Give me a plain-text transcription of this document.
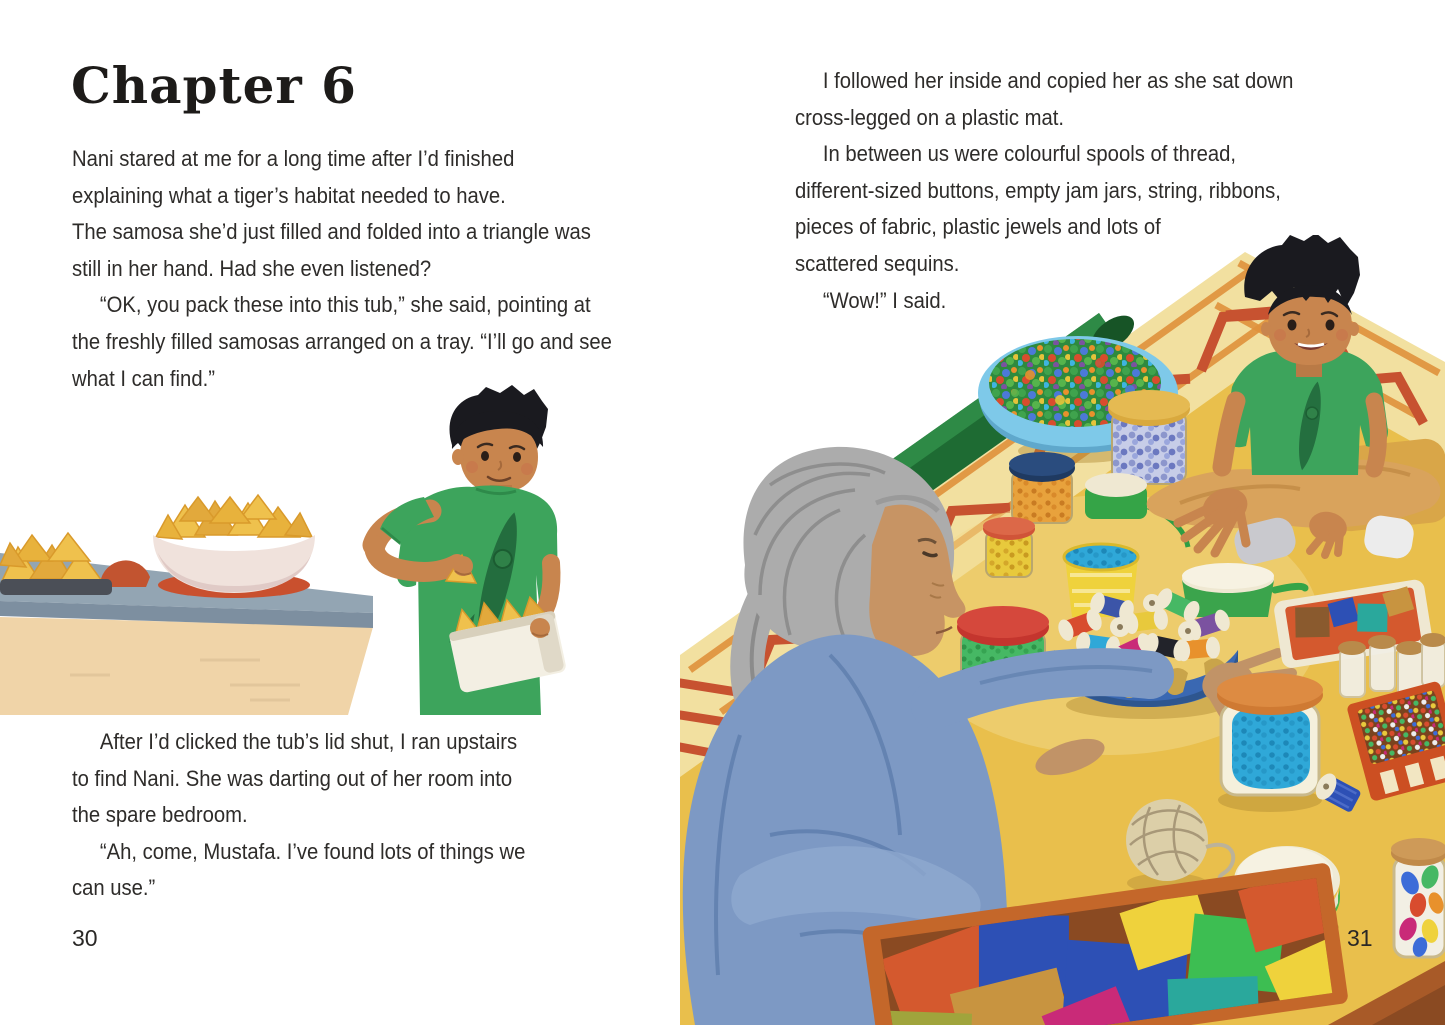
Chapter 6
Nani stared at me for a long time after I’d finished
explaining what a tiger’s habitat needed to have.
The samosa she’d just filled and folded into a triangle was
still in her hand. Had she even listened?
“OK, you pack these into this tub,” she said, pointing at
the freshly filled samosas arranged on a tray. “I’ll go and see
what I can find.”
After I’d clicked the tub’s lid shut, I ran upstairs
to find Nani. She was darting out of her room into
the spare bedroom.
“Ah, come, Mustafa. I’ve found lots of things we
can use.”
30
I followed her inside and copied her as she sat down
cross-legged on a plastic mat.
In between us were colourful spools of thread,
different-sized buttons, empty jam jars, string, ribbons,
pieces of fabric, plastic jewels and lots of
scattered sequins.
“Wow!” I said.
31
